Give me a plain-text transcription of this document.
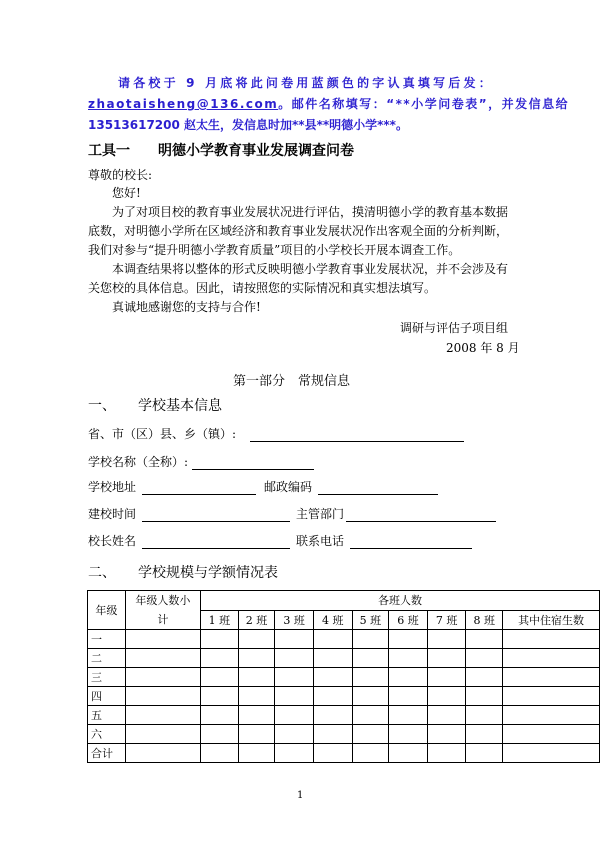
请各校于 9 月底将此问卷用蓝颜色的字认真填写后发：
zhaotaisheng@136.com。邮件名称填写：“**小学问卷表”，并发信息给
13513617200 赵太生，发信息时加**县**明德小学***。
工具一　　明德小学教育事业发展调查问卷
尊敬的校长:
您好!
为了对项目校的教育事业发展状况进行评估，摸清明德小学的教育基本数据
底数，对明德小学所在区域经济和教育事业发展状况作出客观全面的分析判断，
我们对参与“提升明德小学教育质量”项目的小学校长开展本调查工作。
本调查结果将以整体的形式反映明德小学教育事业发展状况，并不会涉及有
关您校的具体信息。因此，请按照您的实际情况和真实想法填写。
真诚地感谢您的支持与合作!
调研与评估子项目组
2008 年 8 月
第一部分　常规信息
一、 学校基本信息
省、市（区）县、乡（镇）:
学校名称（全称）:
学校地址	邮政编码
建校时间	主管部门
校长姓名	联系电话
二、 学校规模与学额情况表
年级	年级人数小计	各班人数								
		1 班	2 班	3 班	4 班	5 班	6 班	7 班	8 班	其中住宿生数
一										
二										
三										
四										
五										
六										
合计										
1
